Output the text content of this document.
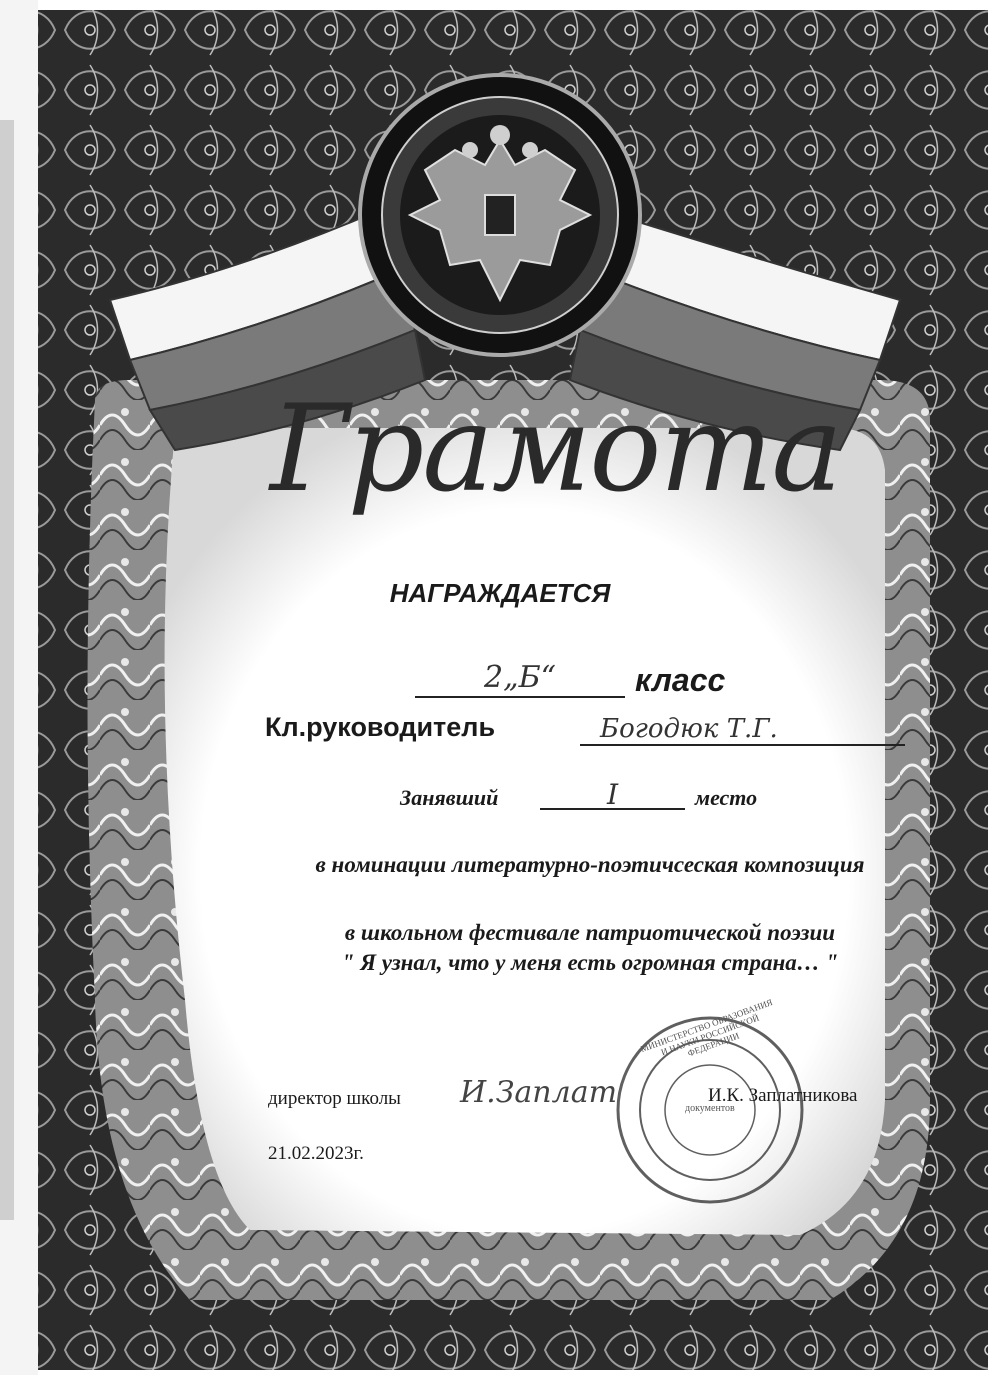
Грамота
НАГРАЖДАЕТСЯ
2„Б“	класс
Кл.руководитель	Богодюк Т.Г.
Занявший	I	место
в номинации литературно-поэтичсеская композиция
в школьном фестивале патриотической поэзии
" Я узнал, что у меня есть огромная страна… "
директор школы И.Заплат	И.К. Заплатникова
МИНИСТЕРСТВО ОБРАЗОВАНИЯ И НАУКИ РОССИЙСКОЙ ФЕДЕРАЦИИ
документов
21.02.2023г.
